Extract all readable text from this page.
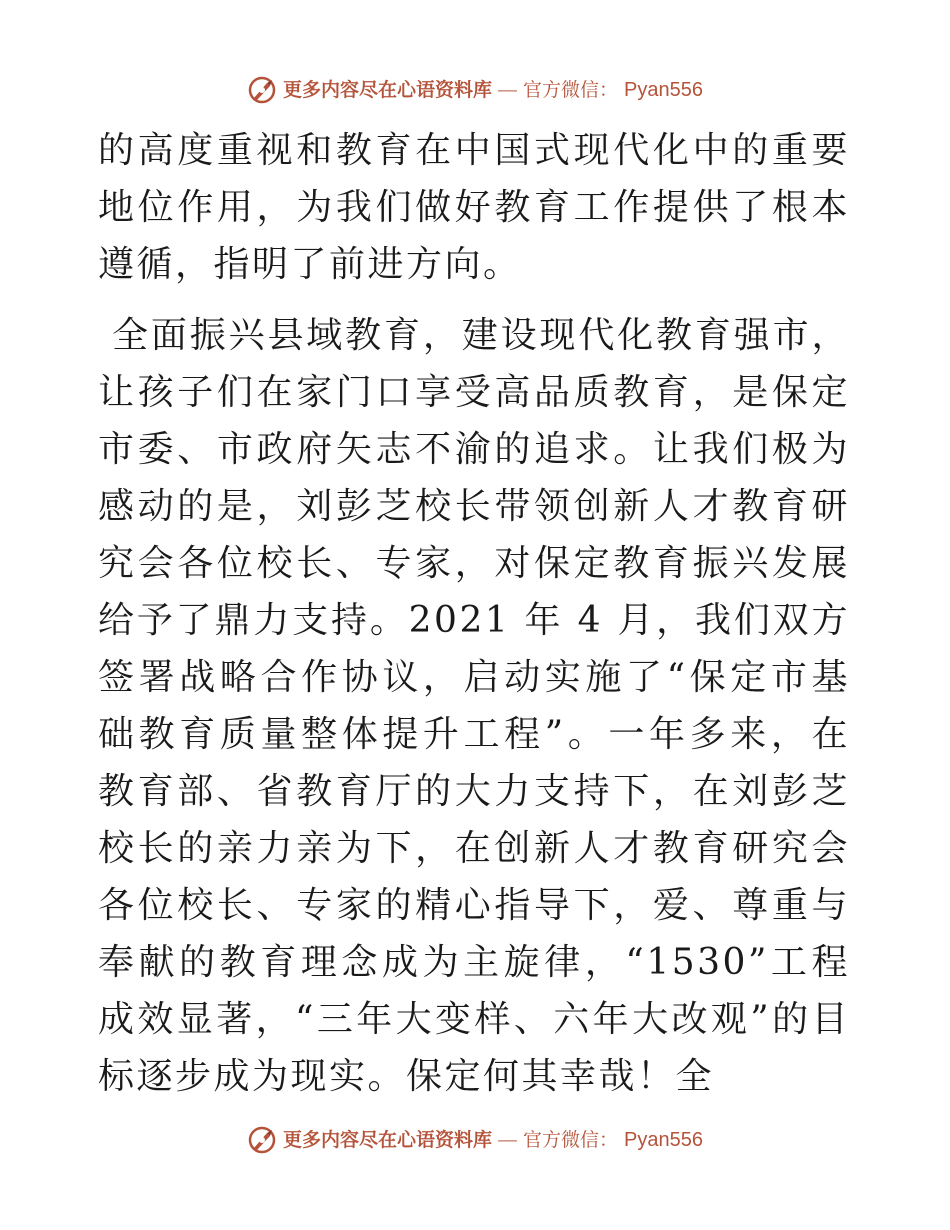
更多内容尽在心语资料库 — 官方微信： Pyan556

的高度重视和教育在中国式现代化中的重要地位作用，为我们做好教育工作提供了根本遵循，指明了前进方向。

全面振兴县域教育，建设现代化教育强市，让孩子们在家门口享受高品质教育，是保定市委、市政府矢志不渝的追求。让我们极为感动的是，刘彭芝校长带领创新人才教育研究会各位校长、专家，对保定教育振兴发展给予了鼎力支持。2021 年 4 月，我们双方签署战略合作协议，启动实施了“保定市基础教育质量整体提升工程”。一年多来，在教育部、省教育厅的大力支持下，在刘彭芝校长的亲力亲为下，在创新人才教育研究会各位校长、专家的精心指导下，爱、尊重与奉献的教育理念成为主旋律，“1530”工程成效显著，“三年大变样、六年大改观”的目标逐步成为现实。保定何其幸哉！全

更多内容尽在心语资料库 — 官方微信： Pyan556
